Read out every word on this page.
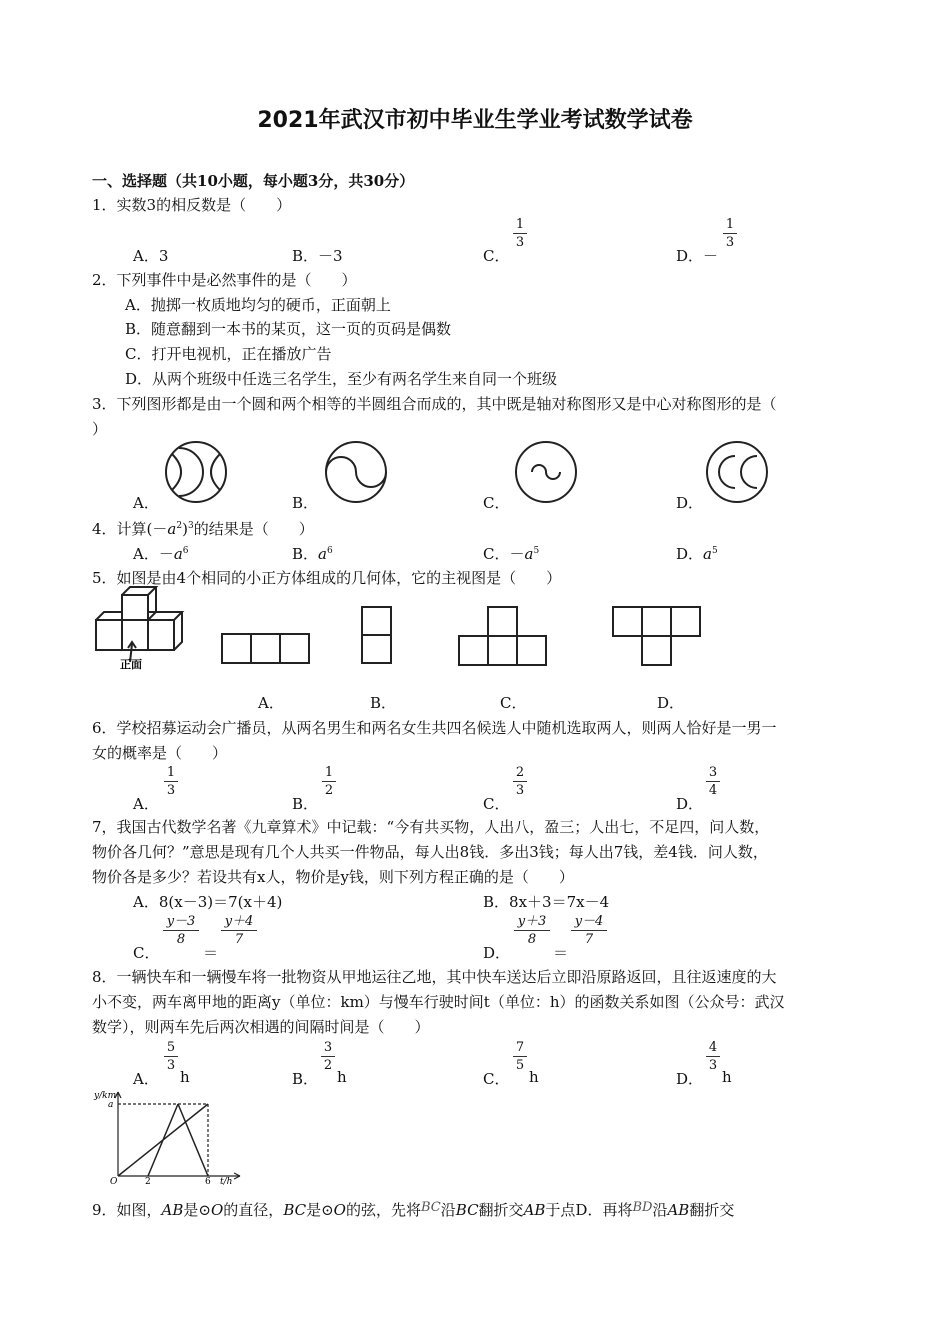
2021年武汉市初中毕业生学业考试数学试卷
一、选择题（共10小题，每小题3分，共30分）
1．实数3的相反数是（　　）
A．3	B．－3	C．
1
3
D．－
1
3
2．下列事件中是必然事件的是（　　）
A．抛掷一枚质地均匀的硬币，正面朝上
B．随意翻到一本书的某页，这一页的页码是偶数
C．打开电视机，正在播放广告
D．从两个班级中任选三名学生，至少有两名学生来自同一个班级
3．下列图形都是由一个圆和两个相等的半圆组合而成的，其中既是轴对称图形又是中心对称图形的是（
）
A．	B．	C．	D．
4．计算$(-a^2)^3$的结果是（　　）
A．$-a^6$	B．$a^6$	C．$-a^5$	D．$a^5$
5．如图是由4个相同的小正方体组成的几何体，它的主视图是（　　）
正面
A．	B．	C．	D．
6．学校招募运动会广播员，从两名男生和两名女生共四名候选人中随机选取两人，则两人恰好是一男一
女的概率是（　　）
A．
1
3
B．
1
2
C．
2
3
D．
3
4
7，我国古代数学名著《九章算术》中记载：“今有共买物，人出八，盈三；人出七，不足四，问人数，
物价各几何？”意思是现有几个人共买一件物品，每人出8钱．多出3钱；每人出7钱，差4钱．问人数，
物价各是多少？若设共有x人，物价是y钱，则下列方程正确的是（　　）
A．8(x－3)＝7(x＋4)	B．8x＋3＝7x－4
C．
y－3
8
＝
y＋4
7
D．
y＋3
8
＝
y－4
7
8．一辆快车和一辆慢车将一批物资从甲地运往乙地，其中快车送达后立即沿原路返回，且往返速度的大
小不变，两车离甲地的距离y（单位：km）与慢车行驶时间t（单位：h）的函数关系如图（公众号：武汉
数学），则两车先后两次相遇的间隔时间是（　　）
A．
5
3
h	B．
3
2
h	C．
7
5
h	D．
4
3
h
y/km
a
O	2	6 t/h
9．如图，AB是⊙O的直径，BC是⊙O的弦，先将BC沿BC翻折交AB于点D．再将BD沿AB翻折交
